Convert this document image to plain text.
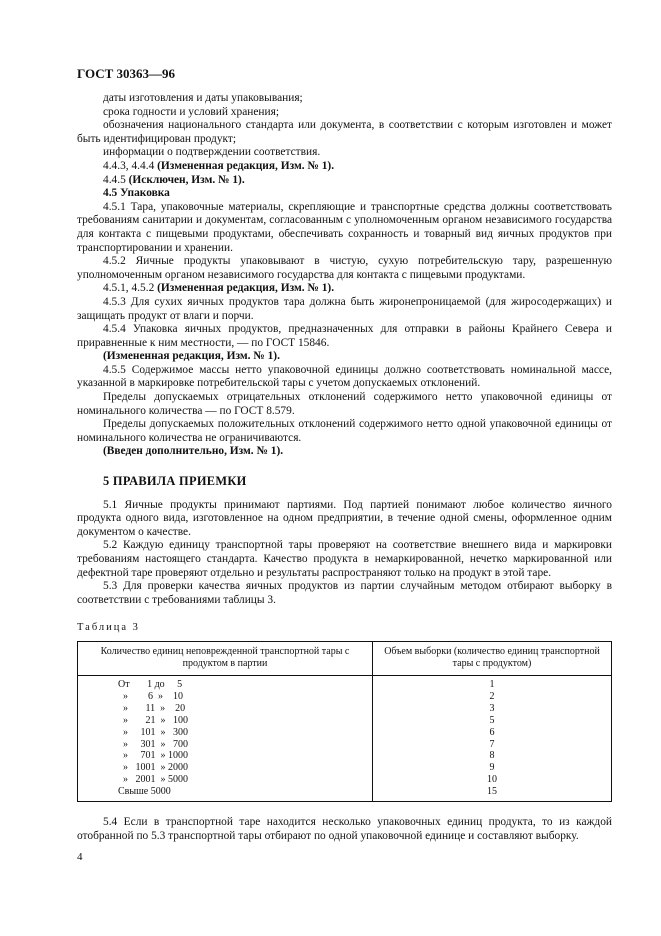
ГОСТ 30363—96

даты изготовления и даты упаковывания;

срока годности и условий хранения;

обозначения национального стандарта или документа, в соответствии с которым изготовлен и может быть идентифицирован продукт;

информации о подтверждении соответствия.

4.4.3, 4.4.4 (Измененная редакция, Изм. № 1).

4.4.5 (Исключен, Изм. № 1).

4.5 Упаковка

4.5.1 Тара, упаковочные материалы, скрепляющие и транспортные средства должны соответствовать требованиям санитарии и документам, согласованным с уполномоченным органом независимого государства для контакта с пищевыми продуктами, обеспечивать сохранность и товарный вид яичных продуктов при транспортировании и хранении.

4.5.2 Яичные продукты упаковывают в чистую, сухую потребительскую тару, разрешенную уполномоченным органом независимого государства для контакта с пищевыми продуктами.

4.5.1, 4.5.2 (Измененная редакция, Изм. № 1).

4.5.3 Для сухих яичных продуктов тара должна быть жиронепроницаемой (для жиросодержащих) и защищать продукт от влаги и порчи.

4.5.4 Упаковка яичных продуктов, предназначенных для отправки в районы Крайнего Севера и приравненные к ним местности, — по ГОСТ 15846.

(Измененная редакция, Изм. № 1).

4.5.5 Содержимое массы нетто упаковочной единицы должно соответствовать номинальной массе, указанной в маркировке потребительской тары с учетом допускаемых отклонений.

Пределы допускаемых отрицательных отклонений содержимого нетто упаковочной единицы от номинального количества — по ГОСТ 8.579.

Пределы допускаемых положительных отклонений содержимого нетто одной упаковочной единицы от номинального количества не ограничиваются.

(Введен дополнительно, Изм. № 1).

5 ПРАВИЛА ПРИЕМКИ

5.1 Яичные продукты принимают партиями. Под партией понимают любое количество яичного продукта одного вида, изготовленное на одном предприятии, в течение одной смены, оформленное одним документом о качестве.

5.2 Каждую единицу транспортной тары проверяют на соответствие внешнего вида и маркировки требованиям настоящего стандарта. Качество продукта в немаркированной, нечетко маркированной или дефектной таре проверяют отдельно и результаты распространяют только на продукт в этой таре.

5.3 Для проверки качества яичных продуктов из партии случайным методом отбирают выборку в соответствии с требованиями таблицы 3.

Таблица 3
Количество единиц неповрежденной транспортной тары с продуктом в партии	Объем выборки (количество единиц транспортной тары с продуктом)
От       1 до     5	1
»        6  »    10	2
»       11  »    20	3
»       21  »   100	5
»     101  »   300	6
»     301  »   700	7
»     701  » 1000	8
»   1001  » 2000	9
»   2001  » 5000	10
Свыше 5000	15

5.4 Если в транспортной таре находится несколько упаковочных единиц продукта, то из каждой отобранной по 5.3 транспортной тары отбирают по одной упаковочной единице и составляют выборку.

4
